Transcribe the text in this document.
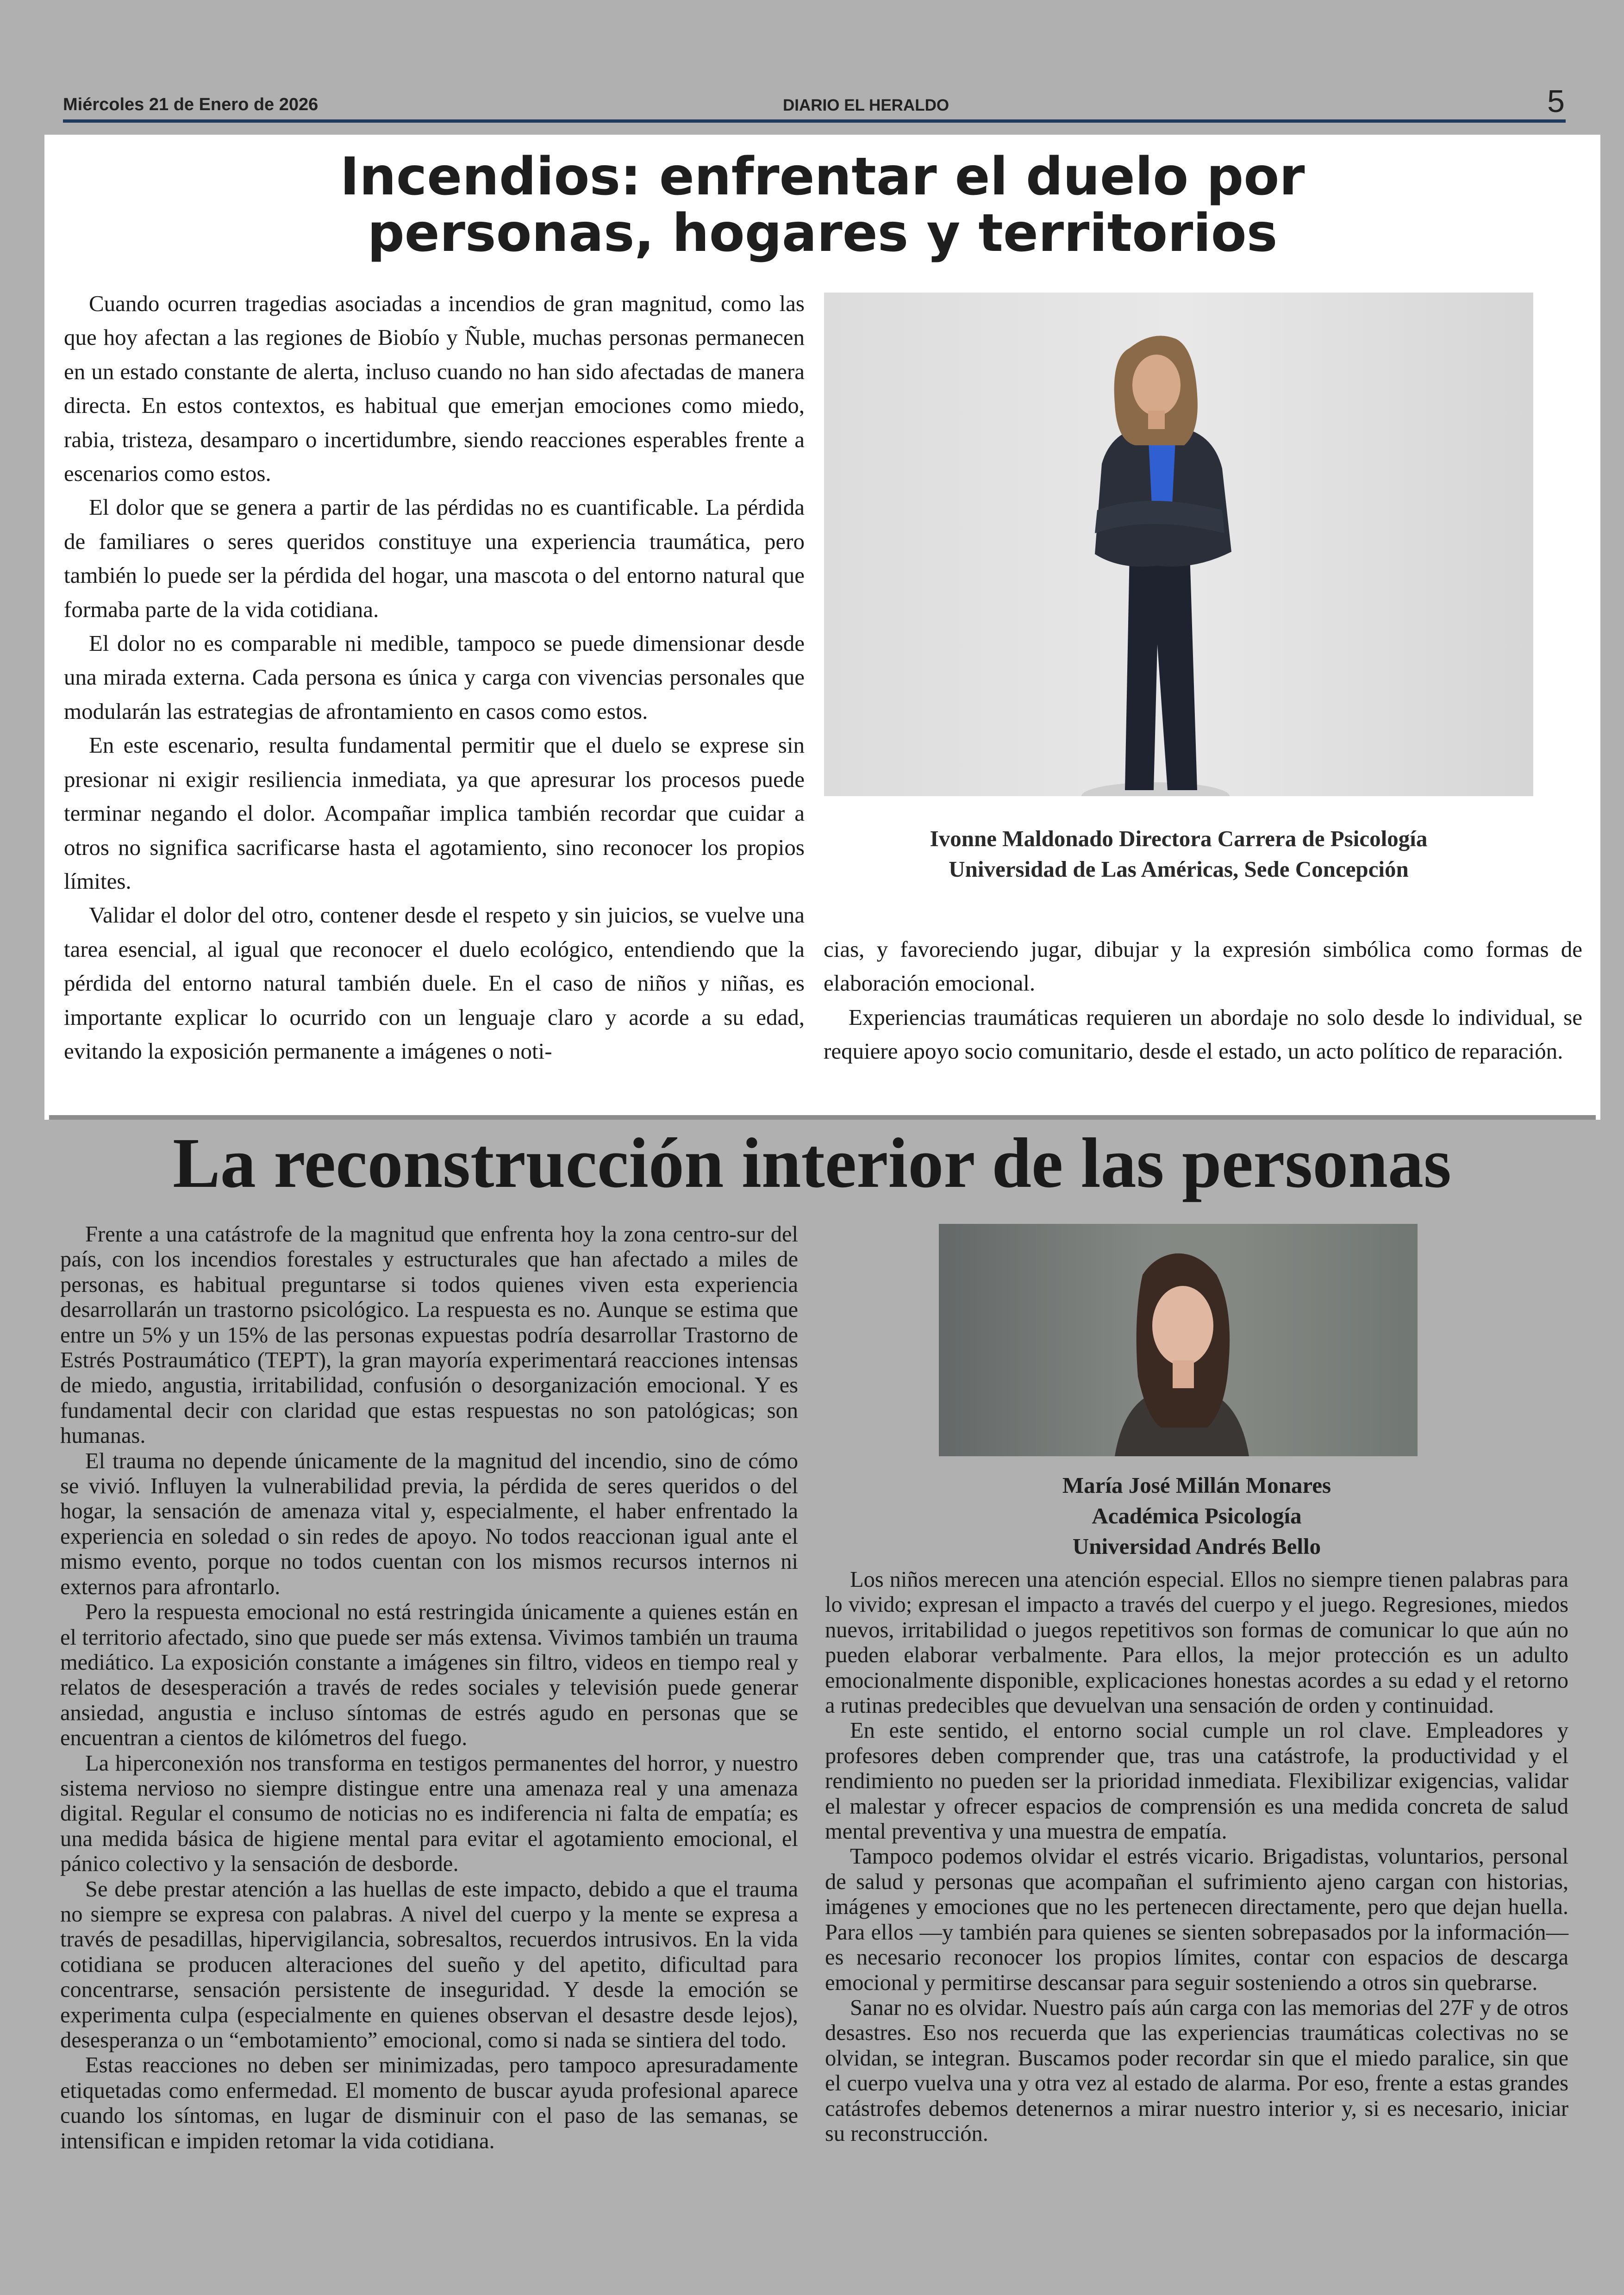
Miércoles 21 de Enero de 2026	DIARIO EL HERALDO	5
Incendios: enfrentar el duelo por
personas, hogares y territorios

Cuando ocurren tragedias asociadas a incendios de gran magnitud, como las que hoy afectan a las regiones de Biobío y Ñuble, muchas personas permanecen en un estado constante de alerta, incluso cuando no han sido afectadas de manera directa. En estos contextos, es habitual que emerjan emociones como miedo, rabia, tristeza, desamparo o incertidumbre, siendo reacciones esperables frente a escenarios como estos.

El dolor que se genera a partir de las pérdidas no es cuantificable. La pérdida de familiares o seres queridos constituye una experiencia traumática, pero también lo puede ser la pérdida del hogar, una mascota o del entorno natural que formaba parte de la vida cotidiana.

El dolor no es comparable ni medible, tampoco se puede dimensionar desde una mirada externa. Cada persona es única y carga con vivencias personales que modularán las estrategias de afrontamiento en casos como estos.

En este escenario, resulta fundamental permitir que el duelo se exprese sin presionar ni exigir resiliencia inmediata, ya que apresurar los procesos puede terminar negando el dolor. Acompañar implica también recordar que cuidar a otros no significa sacrificarse hasta el agotamiento, sino reconocer los propios límites.

Validar el dolor del otro, contener desde el respeto y sin juicios, se vuelve una tarea esencial, al igual que reconocer el duelo ecológico, entendiendo que la pérdida del entorno natural también duele. En el caso de niños y niñas, es importante explicar lo ocurrido con un lenguaje claro y acorde a su edad, evitando la exposición permanente a imágenes o noti-

Ivonne Maldonado Directora Carrera de Psicología
Universidad de Las Américas, Sede Concepción

cias, y favoreciendo jugar, dibujar y la expresión simbólica como formas de elaboración emocional.

Experiencias traumáticas requieren un abordaje no solo desde lo individual, se requiere apoyo socio comunitario, desde el estado, un acto político de reparación.

La reconstrucción interior de las personas

Frente a una catástrofe de la magnitud que enfrenta hoy la zona centro-sur del país, con los incendios forestales y estructurales que han afectado a miles de personas, es habitual preguntarse si todos quienes viven esta experiencia desarrollarán un trastorno psicológico. La respuesta es no. Aunque se estima que entre un 5% y un 15% de las personas expuestas podría desarrollar Trastorno de Estrés Postraumático (TEPT), la gran mayoría experimentará reacciones intensas de miedo, angustia, irritabilidad, confusión o desorganización emocional. Y es fundamental decir con claridad que estas respuestas no son patológicas; son humanas.

El trauma no depende únicamente de la magnitud del incendio, sino de cómo se vivió. Influyen la vulnerabilidad previa, la pérdida de seres queridos o del hogar, la sensación de amenaza vital y, especialmente, el haber enfrentado la experiencia en soledad o sin redes de apoyo. No todos reaccionan igual ante el mismo evento, porque no todos cuentan con los mismos recursos internos ni externos para afrontarlo.

Pero la respuesta emocional no está restringida únicamente a quienes están en el territorio afectado, sino que puede ser más extensa. Vivimos también un trauma mediático. La exposición constante a imágenes sin filtro, videos en tiempo real y relatos de desesperación a través de redes sociales y televisión puede generar ansiedad, angustia e incluso síntomas de estrés agudo en personas que se encuentran a cientos de kilómetros del fuego.

La hiperconexión nos transforma en testigos permanentes del horror, y nuestro sistema nervioso no siempre distingue entre una amenaza real y una amenaza digital. Regular el consumo de noticias no es indiferencia ni falta de empatía; es una medida básica de higiene mental para evitar el agotamiento emocional, el pánico colectivo y la sensación de desborde.

Se debe prestar atención a las huellas de este impacto, debido a que el trauma no siempre se expresa con palabras. A nivel del cuerpo y la mente se expresa a través de pesadillas, hipervigilancia, sobresaltos, recuerdos intrusivos. En la vida cotidiana se producen alteraciones del sueño y del apetito, dificultad para concentrarse, sensación persistente de inseguridad. Y desde la emoción se experimenta culpa (especialmente en quienes observan el desastre desde lejos), desesperanza o un “embotamiento” emocional, como si nada se sintiera del todo.

Estas reacciones no deben ser minimizadas, pero tampoco apresuradamente etiquetadas como enfermedad. El momento de buscar ayuda profesional aparece cuando los síntomas, en lugar de disminuir con el paso de las semanas, se intensifican e impiden retomar la vida cotidiana.

María José Millán Monares
Académica Psicología
Universidad Andrés Bello

Los niños merecen una atención especial. Ellos no siempre tienen palabras para lo vivido; expresan el impacto a través del cuerpo y el juego. Regresiones, miedos nuevos, irritabilidad o juegos repetitivos son formas de comunicar lo que aún no pueden elaborar verbalmente. Para ellos, la mejor protección es un adulto emocionalmente disponible, explicaciones honestas acordes a su edad y el retorno a rutinas predecibles que devuelvan una sensación de orden y continuidad.

En este sentido, el entorno social cumple un rol clave. Empleadores y profesores deben comprender que, tras una catástrofe, la productividad y el rendimiento no pueden ser la prioridad inmediata. Flexibilizar exigencias, validar el malestar y ofrecer espacios de comprensión es una medida concreta de salud mental preventiva y una muestra de empatía.

Tampoco podemos olvidar el estrés vicario. Brigadistas, voluntarios, personal de salud y personas que acompañan el sufrimiento ajeno cargan con historias, imágenes y emociones que no les pertenecen directamente, pero que dejan huella. Para ellos —y también para quienes se sienten sobrepasados por la información— es necesario reconocer los propios límites, contar con espacios de descarga emocional y permitirse descansar para seguir sosteniendo a otros sin quebrarse.

Sanar no es olvidar. Nuestro país aún carga con las memorias del 27F y de otros desastres. Eso nos recuerda que las experiencias traumáticas colectivas no se olvidan, se integran. Buscamos poder recordar sin que el miedo paralice, sin que el cuerpo vuelva una y otra vez al estado de alarma. Por eso, frente a estas grandes catástrofes debemos detenernos a mirar nuestro interior y, si es necesario, iniciar su reconstrucción.
